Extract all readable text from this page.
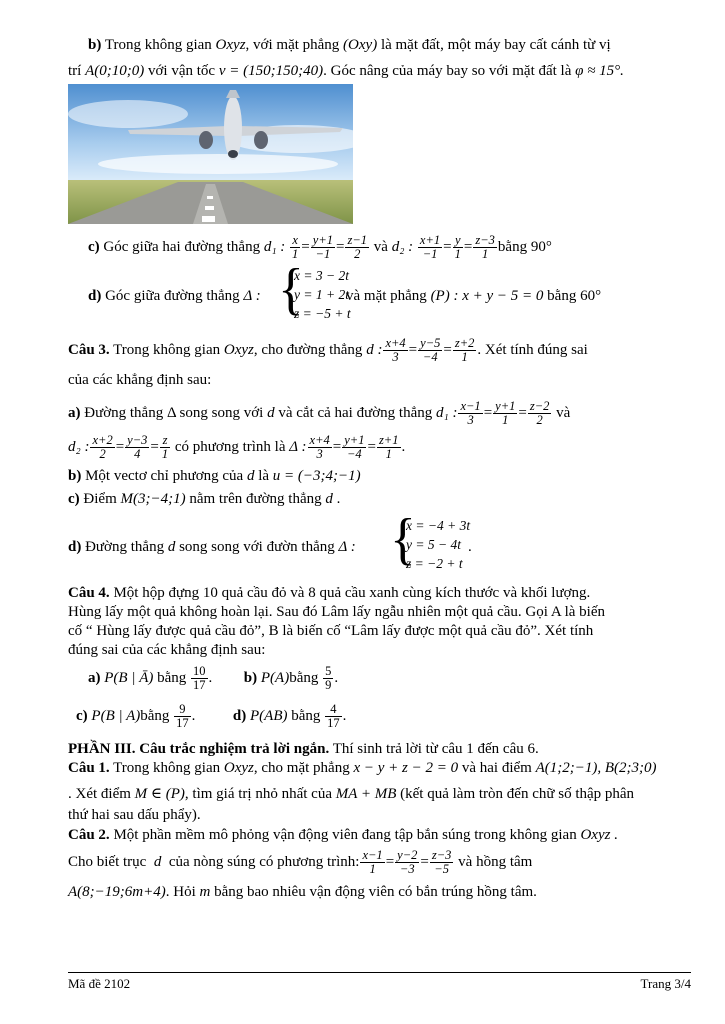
b) Trong không gian Oxyz, với mặt phẳng (Oxy) là mặt đất, một máy bay cất cánh từ vị
trí A(0;10;0) với vận tốc v = (150;150;40). Góc nâng của máy bay so với mặt đất là φ ≈ 15°.
c) Góc giữa hai đường thẳng d₁ : $\frac{x}{1} = \frac{y+1}{-1} = \frac{z-1}{2}$ và d₂ : $\frac{x+1}{-1} = \frac{y}{1} = \frac{z-3}{1}$ bằng 90°
d) Góc giữa đường thẳng Δ : {
x = 3 − 2t
y = 1 + 2t
z = −5 + t
và mặt phẳng (P) : x + y − 5 = 0 bằng 60°
Câu 3. Trong không gian Oxyz, cho đường thẳng d : $\frac{x+4}{3} = \frac{y-5}{-4} = \frac{z+2}{1}$ . Xét tính đúng sai
của các khẳng định sau:
a) Đường thẳng Δ song song với d và cắt cả hai đường thẳng d₁ : $\frac{x-1}{3} = \frac{y+1}{1} = \frac{z-2}{2}$ và
d₂ : $\frac{x+2}{2} = \frac{y-3}{4} = \frac{z}{1}$ có phương trình là Δ : $\frac{x+4}{3} = \frac{y+1}{-4} = \frac{z+1}{1}$ .
b) Một vectơ chỉ phương của d là u = (−3;4;−1)
c) Điểm M(3;−4;1) nằm trên đường thẳng d .
d) Đường thẳng d song song với đườn thẳng Δ : {
x = −4 + 3t
y = 5 − 4t
z = −2 + t
.
Câu 4. Một hộp đựng 10 quả cầu đỏ và 8 quả cầu xanh cùng kích thước và khối lượng.
Hùng lấy một quả không hoàn lại. Sau đó Lâm lấy ngẫu nhiên một quả cầu. Gọi A là biến
cố “ Hùng lấy được quả cầu đỏ”, B là biến cố “Lâm lấy được một quả cầu đỏ”. Xét tính
đúng sai của các khẳng định sau:
a) P(B | Ā) bằng $\frac{10}{17}$ .  b) P(A)bằng $\frac{5}{9}$ .
c) P(B | A)bằng $\frac{9}{17}$ .  d) P(AB) bằng $\frac{4}{17}$ .
PHẦN III. Câu trắc nghiệm trả lời ngắn. Thí sinh trả lời từ câu 1 đến câu 6.
Câu 1. Trong không gian Oxyz, cho mặt phẳng x − y + z − 2 = 0 và hai điểm A(1;2;−1), B(2;3;0)
. Xét điểm M ∈ (P), tìm giá trị nhỏ nhất của MA + MB (kết quả làm tròn đến chữ số thập phân
thứ hai sau dấu phẩy).
Câu 2. Một phần mềm mô phỏng vận động viên đang tập bắn súng trong không gian Oxyz .
Cho biết trục d của nòng súng có phương trình: $\frac{x-1}{1} = \frac{y-2}{-3} = \frac{z-3}{-5}$ và hồng tâm
A(8;−19;6m+4). Hỏi m bằng bao nhiêu vận động viên có bắn trúng hồng tâm.
Mã đề 2102	Trang 3/4
